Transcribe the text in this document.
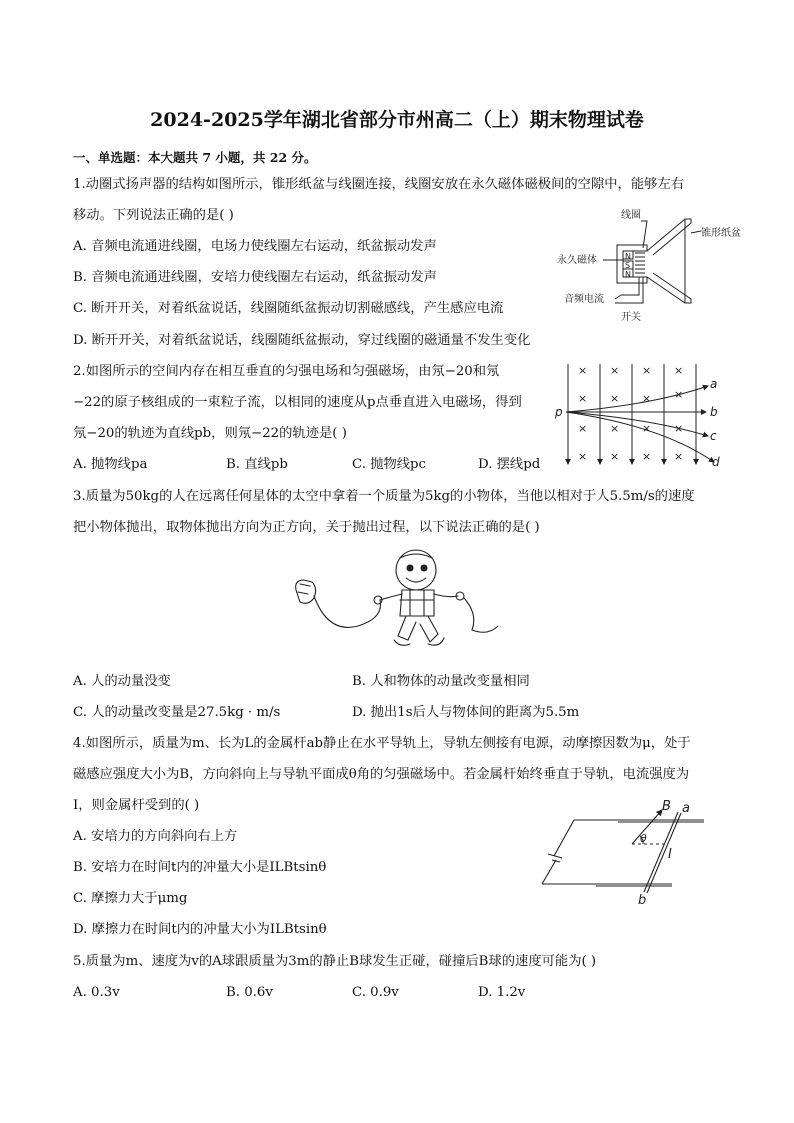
2024-2025学年湖北省部分市州高二（上）期末物理试卷
一、单选题：本大题共 7 小题，共 22 分。
1.动圈式扬声器的结构如图所示，锥形纸盆与线圈连接，线圈安放在永久磁体磁极间的空隙中，能够左右
移动。下列说法正确的是( )
A. 音频电流通进线圈，电场力使线圈左右运动，纸盆振动发声
B. 音频电流通进线圈，安培力使线圈左右运动，纸盆振动发声
C. 断开开关，对着纸盆说话，线圈随纸盆振动切割磁感线，产生感应电流
D. 断开开关，对着纸盆说话，线圈随纸盆振动，穿过线圈的磁通量不发生变化
线圈
锥形纸盆
永久磁体
音频电流
开关
N
S
N
2.如图所示的空间内存在相互垂直的匀强电场和匀强磁场，由氖−20和氖
−22的原子核组成的一束粒子流，以相同的速度从p点垂直进入电磁场，得到
氖−20的轨迹为直线pb，则氖−22的轨迹是( )
A. 抛物线pa	B. 直线pb	C. 抛物线pc	D. 摆线pd
× × × ×
× × × ×
× × × ×
× × × ×
p
a
b
c
d
3.质量为50kg的人在远离任何星体的太空中拿着一个质量为5kg的小物体，当他以相对于人5.5m/s的速度
把小物体抛出，取物体抛出方向为正方向，关于抛出过程，以下说法正确的是( )
A. 人的动量没变	B. 人和物体的动量改变量相同
C. 人的动量改变量是27.5kg · m/s	D. 抛出1s后人与物体间的距离为5.5m
4.如图所示，质量为m、长为L的金属杆ab静止在水平导轨上，导轨左侧接有电源，动摩擦因数为μ，处于
磁感应强度大小为B，方向斜向上与导轨平面成θ角的匀强磁场中。若金属杆始终垂直于导轨，电流强度为
I，则金属杆受到的( )
A. 安培力的方向斜向右上方
B. 安培力在时间t内的冲量大小是ILBtsinθ
C. 摩擦力大于μmg
D. 摩擦力在时间t内的冲量大小为ILBtsinθ
B a
b
θ
I
5.质量为m、速度为v的A球跟质量为3m的静止B球发生正碰，碰撞后B球的速度可能为( )
A. 0.3v	B. 0.6v	C. 0.9v	D. 1.2v
